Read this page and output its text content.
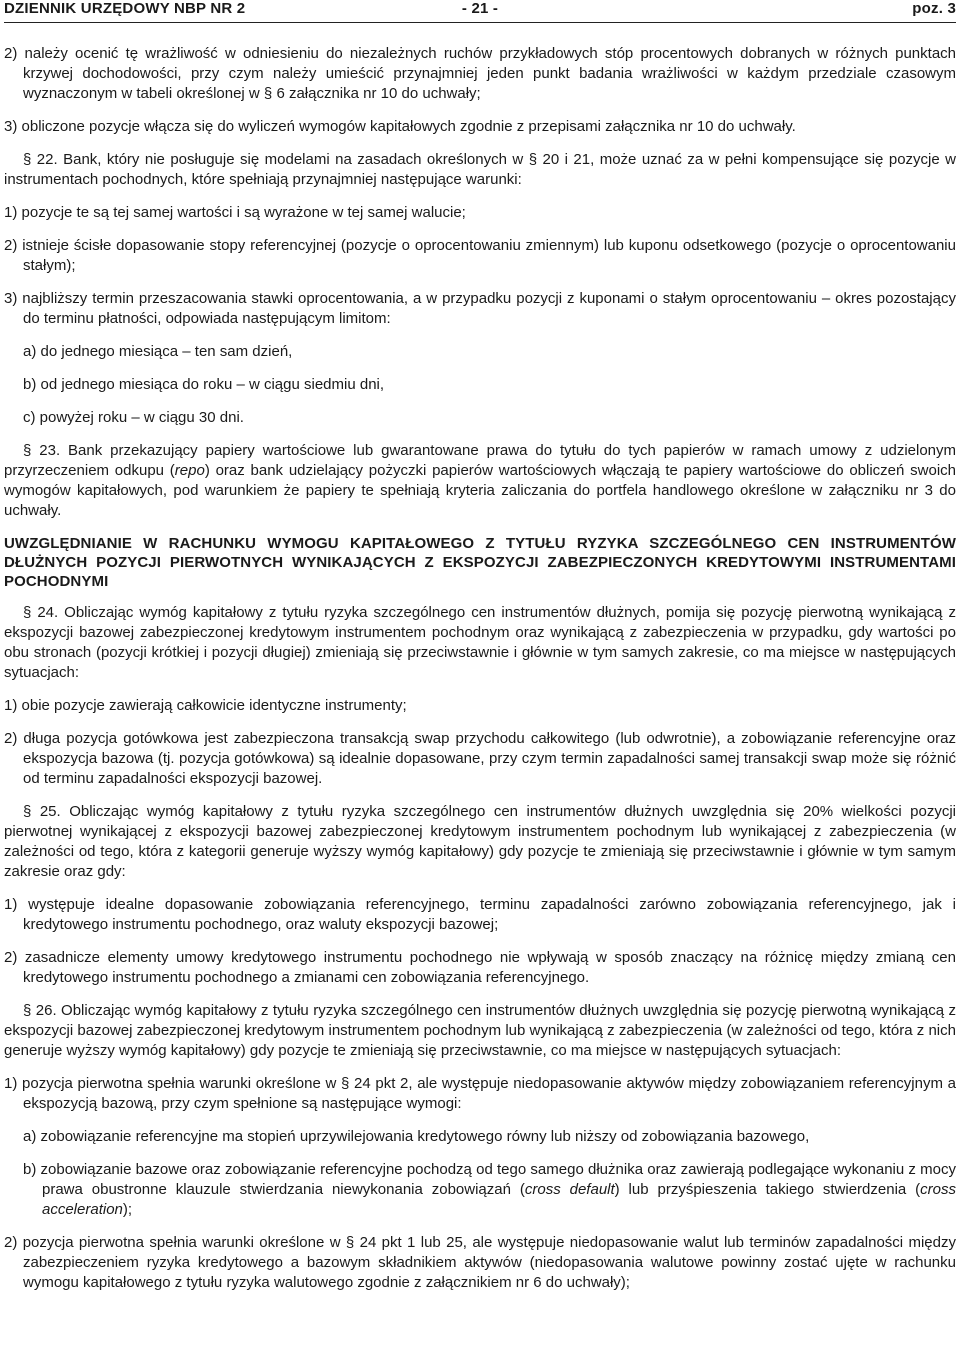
DZIENNIK URZĘDOWY NBP NR 2	- 21 -	poz. 3

2) należy ocenić tę wrażliwość w odniesieniu do niezależnych ruchów przykładowych stóp procentowych dobranych w różnych punktach krzywej dochodowości, przy czym należy umieścić przynajmniej jeden punkt badania wrażliwości w każdym przedziale czasowym wyznaczonym w tabeli określonej w § 6 załącznika nr 10 do uchwały;

3) obliczone pozycje włącza się do wyliczeń wymogów kapitałowych zgodnie z przepisami załącznika nr 10 do uchwały.

§ 22. Bank, który nie posługuje się modelami na zasadach określonych w § 20 i 21, może uznać za w pełni kompensujące się pozycje w instrumentach pochodnych, które spełniają przynajmniej następujące warunki:

1) pozycje te są tej samej wartości i są wyrażone w tej samej walucie;

2) istnieje ścisłe dopasowanie stopy referencyjnej (pozycje o oprocentowaniu zmiennym) lub kuponu odsetkowego (pozycje o oprocentowaniu stałym);

3) najbliższy termin przeszacowania stawki oprocentowania, a w przypadku pozycji z kuponami o stałym oprocentowaniu – okres pozostający do terminu płatności, odpowiada następującym limitom:

a) do jednego miesiąca – ten sam dzień,

b) od jednego miesiąca do roku – w ciągu siedmiu dni,

c) powyżej roku – w ciągu 30 dni.

§ 23. Bank przekazujący papiery wartościowe lub gwarantowane prawa do tytułu do tych papierów w ramach umowy z udzielonym przyrzeczeniem odkupu (repo) oraz bank udzielający pożyczki papierów wartościowych włączają te papiery wartościowe do obliczeń swoich wymogów kapitałowych, pod warunkiem że papiery te spełniają kryteria zaliczania do portfela handlowego określone w załączniku nr 3 do uchwały.

UWZGLĘDNIANIE W RACHUNKU WYMOGU KAPITAŁOWEGO Z TYTUŁU RYZYKA SZCZEGÓLNEGO CEN INSTRUMENTÓW DŁUŻNYCH POZYCJI PIERWOTNYCH WYNIKAJĄCYCH Z EKSPOZYCJI ZABEZPIECZONYCH KREDYTOWYMI INSTRUMENTAMI POCHODNYMI

§ 24. Obliczając wymóg kapitałowy z tytułu ryzyka szczególnego cen instrumentów dłużnych, pomija się pozycję pierwotną wynikającą z ekspozycji bazowej zabezpieczonej kredytowym instrumentem pochodnym oraz wynikającą z zabezpieczenia w przypadku, gdy wartości po obu stronach (pozycji krótkiej i pozycji długiej) zmieniają się przeciwstawnie i głównie w tym samych zakresie, co ma miejsce w następujących sytuacjach:

1) obie pozycje zawierają całkowicie identyczne instrumenty;

2) długa pozycja gotówkowa jest zabezpieczona transakcją swap przychodu całkowitego (lub odwrotnie), a zobowiązanie referencyjne oraz ekspozycja bazowa (tj. pozycja gotówkowa) są idealnie dopasowane, przy czym termin zapadalności samej transakcji swap może się różnić od terminu zapadalności ekspozycji bazowej.

§ 25. Obliczając wymóg kapitałowy z tytułu ryzyka szczególnego cen instrumentów dłużnych uwzględnia się 20% wielkości pozycji pierwotnej wynikającej z ekspozycji bazowej zabezpieczonej kredytowym instrumentem pochodnym lub wynikającej z zabezpieczenia (w zależności od tego, która z kategorii generuje wyższy wymóg kapitałowy) gdy pozycje te zmieniają się przeciwstawnie i głównie w tym samym zakresie oraz gdy:

1) występuje idealne dopasowanie zobowiązania referencyjnego, terminu zapadalności zarówno zobowiązania referencyjnego, jak i kredytowego instrumentu pochodnego, oraz waluty ekspozycji bazowej;

2) zasadnicze elementy umowy kredytowego instrumentu pochodnego nie wpływają w sposób znaczący na różnicę między zmianą cen kredytowego instrumentu pochodnego a zmianami cen zobowiązania referencyjnego.

§ 26. Obliczając wymóg kapitałowy z tytułu ryzyka szczególnego cen instrumentów dłużnych uwzględnia się pozycję pierwotną wynikającą z ekspozycji bazowej zabezpieczonej kredytowym instrumentem pochodnym lub wynikającą z zabezpieczenia (w zależności od tego, która z nich generuje wyższy wymóg kapitałowy) gdy pozycje te zmieniają się przeciwstawnie, co ma miejsce w następujących sytuacjach:

1) pozycja pierwotna spełnia warunki określone w § 24 pkt 2, ale występuje niedopasowanie aktywów między zobowiązaniem referencyjnym a ekspozycją bazową, przy czym spełnione są następujące wymogi:

a) zobowiązanie referencyjne ma stopień uprzywilejowania kredytowego równy lub niższy od zobowiązania bazowego,

b) zobowiązanie bazowe oraz zobowiązanie referencyjne pochodzą od tego samego dłużnika oraz zawierają podlegające wykonaniu z mocy prawa obustronne klauzule stwierdzania niewykonania zobowiązań (cross default) lub przyśpieszenia takiego stwierdzenia (cross acceleration);

2) pozycja pierwotna spełnia warunki określone w § 24 pkt 1 lub 25, ale występuje niedopasowanie walut lub terminów zapadalności między zabezpieczeniem ryzyka kredytowego a bazowym składnikiem aktywów (niedopasowania walutowe powinny zostać ujęte w rachunku wymogu kapitałowego z tytułu ryzyka walutowego zgodnie z załącznikiem nr 6 do uchwały);
